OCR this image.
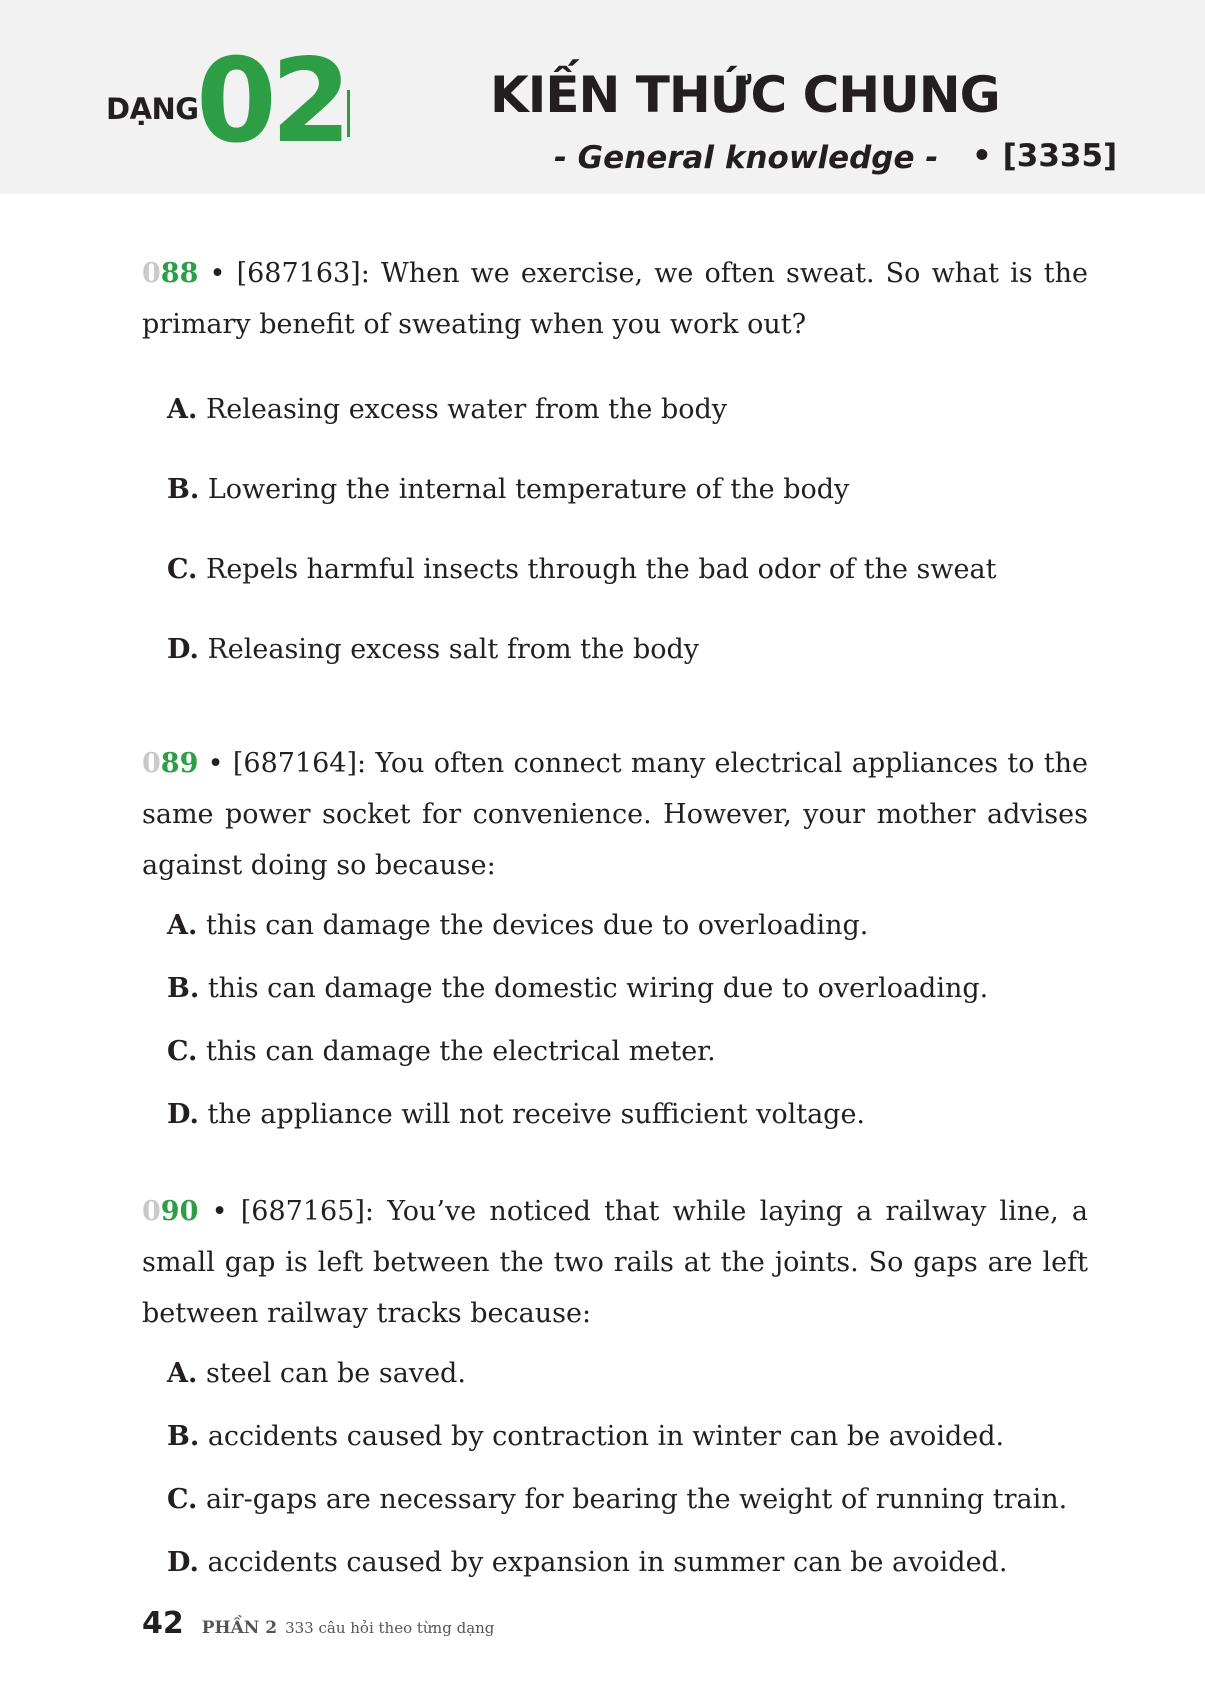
DẠNG
02	KIẾN THỨC CHUNG
- General knowledge - • [3335]

088 • [687163]: When we exercise, we often sweat. So what is the primary benefit of sweating when you work out?

A. Releasing excess water from the body
B. Lowering the internal temperature of the body
C. Repels harmful insects through the bad odor of the sweat
D. Releasing excess salt from the body

089 • [687164]: You often connect many electrical appliances to the same power socket for convenience. However, your mother advises against doing so because:

A. this can damage the devices due to overloading.
B. this can damage the domestic wiring due to overloading.
C. this can damage the electrical meter.
D. the appliance will not receive sufficient voltage.

090 • [687165]: You’ve noticed that while laying a railway line, a small gap is left between the two rails at the joints. So gaps are left between railway tracks because:

A. steel can be saved.
B. accidents caused by contraction in winter can be avoided.
C. air-gaps are necessary for bearing the weight of running train.
D. accidents caused by expansion in summer can be avoided.
42 PHẦN 2 333 câu hỏi theo từng dạng
